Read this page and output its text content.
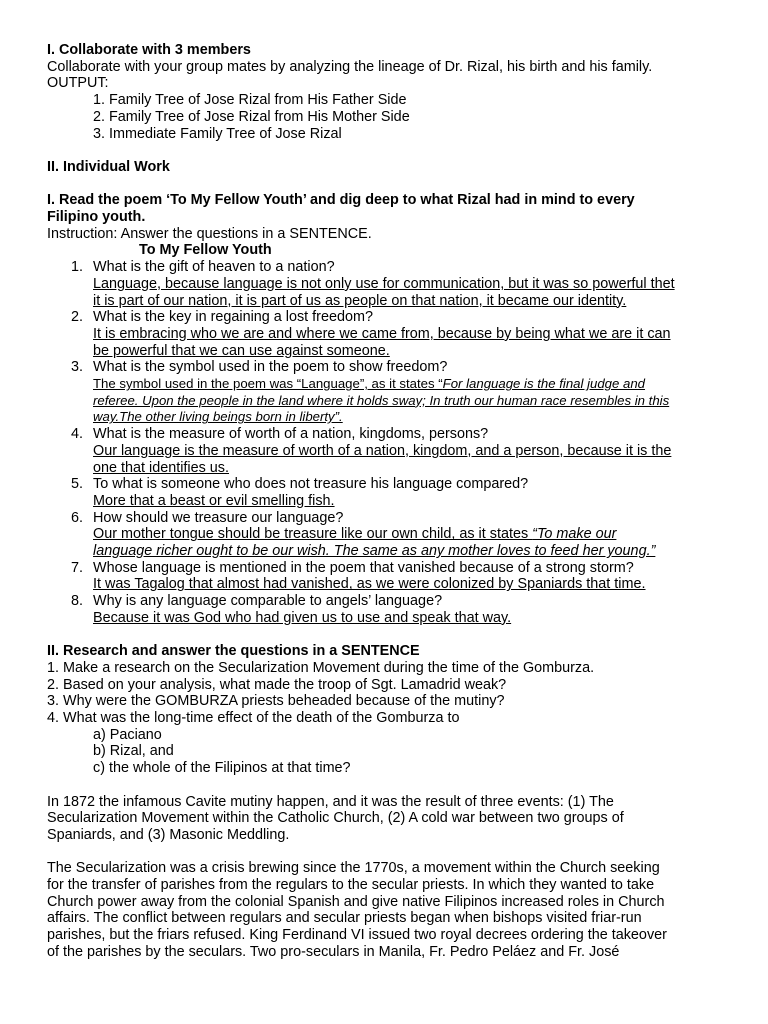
I. Collaborate with 3 members
Collaborate with your group mates by analyzing the lineage of Dr. Rizal, his birth and his family.
OUTPUT:
1. Family Tree of Jose Rizal from His Father Side
2. Family Tree of Jose Rizal from His Mother Side
3. Immediate Family Tree of Jose Rizal
II. Individual Work
I. Read the poem ‘To My Fellow Youth’ and dig deep to what Rizal had in mind to every
Filipino youth.
Instruction: Answer the questions in a SENTENCE.
To My Fellow Youth
1. What is the gift of heaven to a nation?
Language, because language is not only use for communication, but it was so powerful thet
it is part of our nation, it is part of us as people on that nation, it became our identity.
2. What is the key in regaining a lost freedom?
It is embracing who we are and where we came from, because by being what we are it can
be powerful that we can use against someone.
3. What is the symbol used in the poem to show freedom?
The symbol used in the poem was “Language”, as it states “For language is the final judge and
referee. Upon the people in the land where it holds sway; In truth our human race resembles in this
way.The other living beings born in liberty”.
4. What is the measure of worth of a nation, kingdoms, persons?
Our language is the measure of worth of a nation, kingdom, and a person, because it is the
one that identifies us.
5. To what is someone who does not treasure his language compared?
More that a beast or evil smelling fish.
6. How should we treasure our language?
Our mother tongue should be treasure like our own child, as it states “To make our
language richer ought to be our wish. The same as any mother loves to feed her young.”
7. Whose language is mentioned in the poem that vanished because of a strong storm?
It was Tagalog that almost had vanished, as we were colonized by Spaniards that time.
8. Why is any language comparable to angels’ language?
Because it was God who had given us to use and speak that way.
II. Research and answer the questions in a SENTENCE
1. Make a research on the Secularization Movement during the time of the Gomburza.
2. Based on your analysis, what made the troop of Sgt. Lamadrid weak?
3. Why were the GOMBURZA priests beheaded because of the mutiny?
4. What was the long-time effect of the death of the Gomburza to
a) Paciano
b) Rizal, and
c) the whole of the Filipinos at that time?
In 1872 the infamous Cavite mutiny happen, and it was the result of three events: (1) The
Secularization Movement within the Catholic Church, (2) A cold war between two groups of
Spaniards, and (3) Masonic Meddling.
The Secularization was a crisis brewing since the 1770s, a movement within the Church seeking
for the transfer of parishes from the regulars to the secular priests. In which they wanted to take
Church power away from the colonial Spanish and give native Filipinos increased roles in Church
affairs. The conflict between regulars and secular priests began when bishops visited friar-run
parishes, but the friars refused. King Ferdinand VI issued two royal decrees ordering the takeover
of the parishes by the seculars. Two pro-seculars in Manila, Fr. Pedro Peláez and Fr. José
